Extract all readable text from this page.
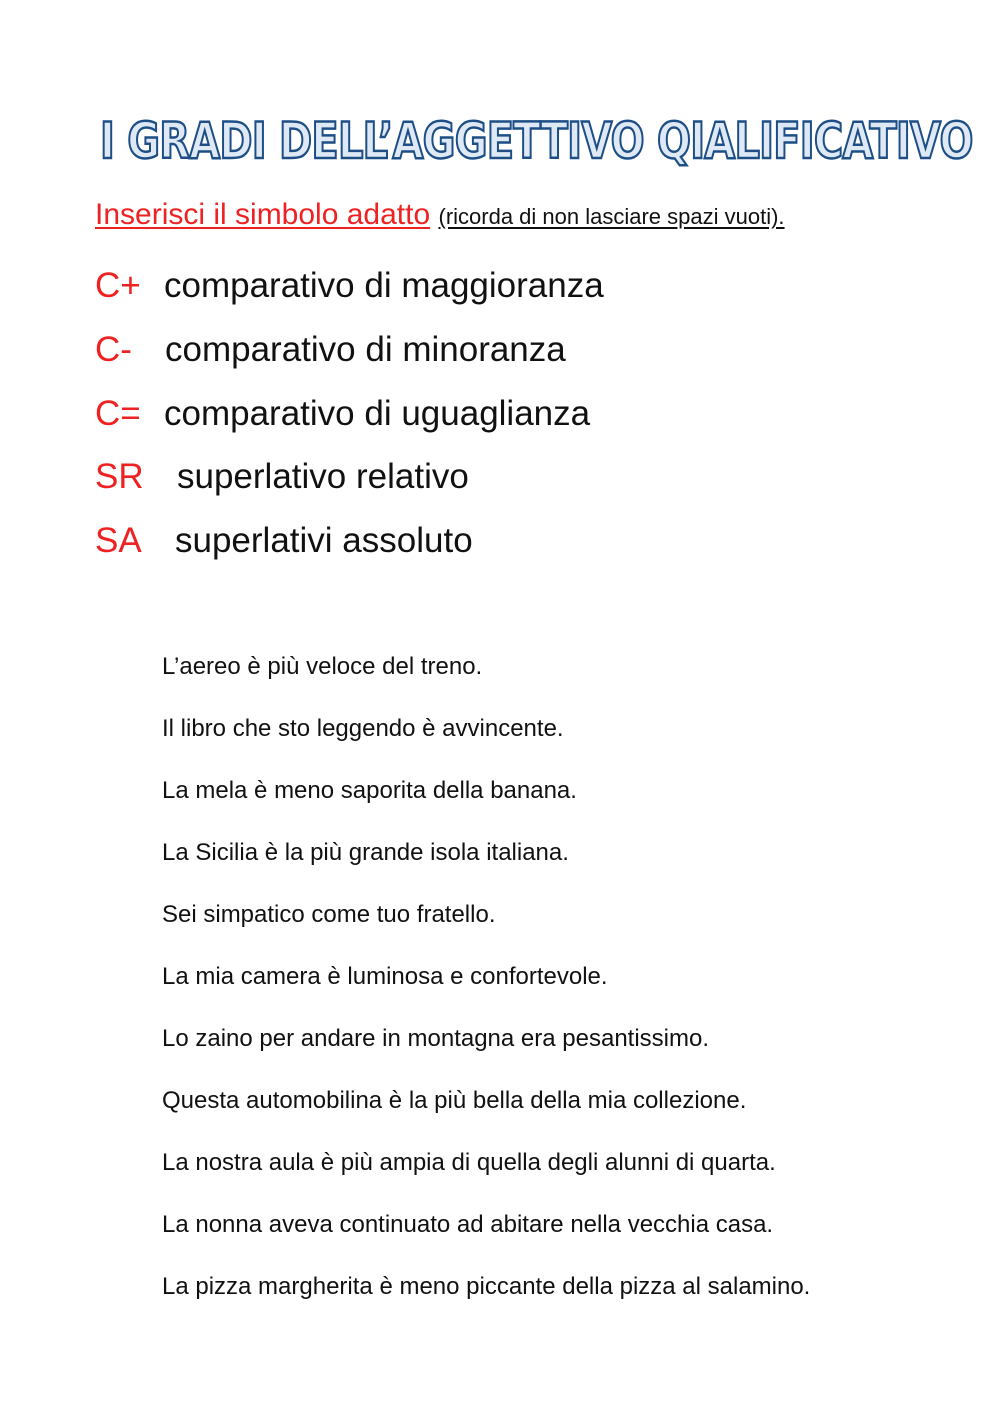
I GRADI DELL’AGGETTIVO QIALIFICATIVO
Inserisci il simbolo adatto (ricorda di non lasciare spazi vuoti).
C+ comparativo di maggioranza
C- comparativo di minoranza
C= comparativo di uguaglianza
SR superlativo relativo
SA superlativi assoluto
L’aereo è più veloce del treno.
Il libro che sto leggendo è avvincente.
La mela è meno saporita della banana.
La Sicilia è la più grande isola italiana.
Sei simpatico come tuo fratello.
La mia camera è luminosa e confortevole.
Lo zaino per andare in montagna era pesantissimo.
Questa automobilina è la più bella della mia collezione.
La nostra aula è più ampia di quella degli alunni di quarta.
La nonna aveva continuato ad abitare nella vecchia casa.
La pizza margherita è meno piccante della pizza al salamino.
